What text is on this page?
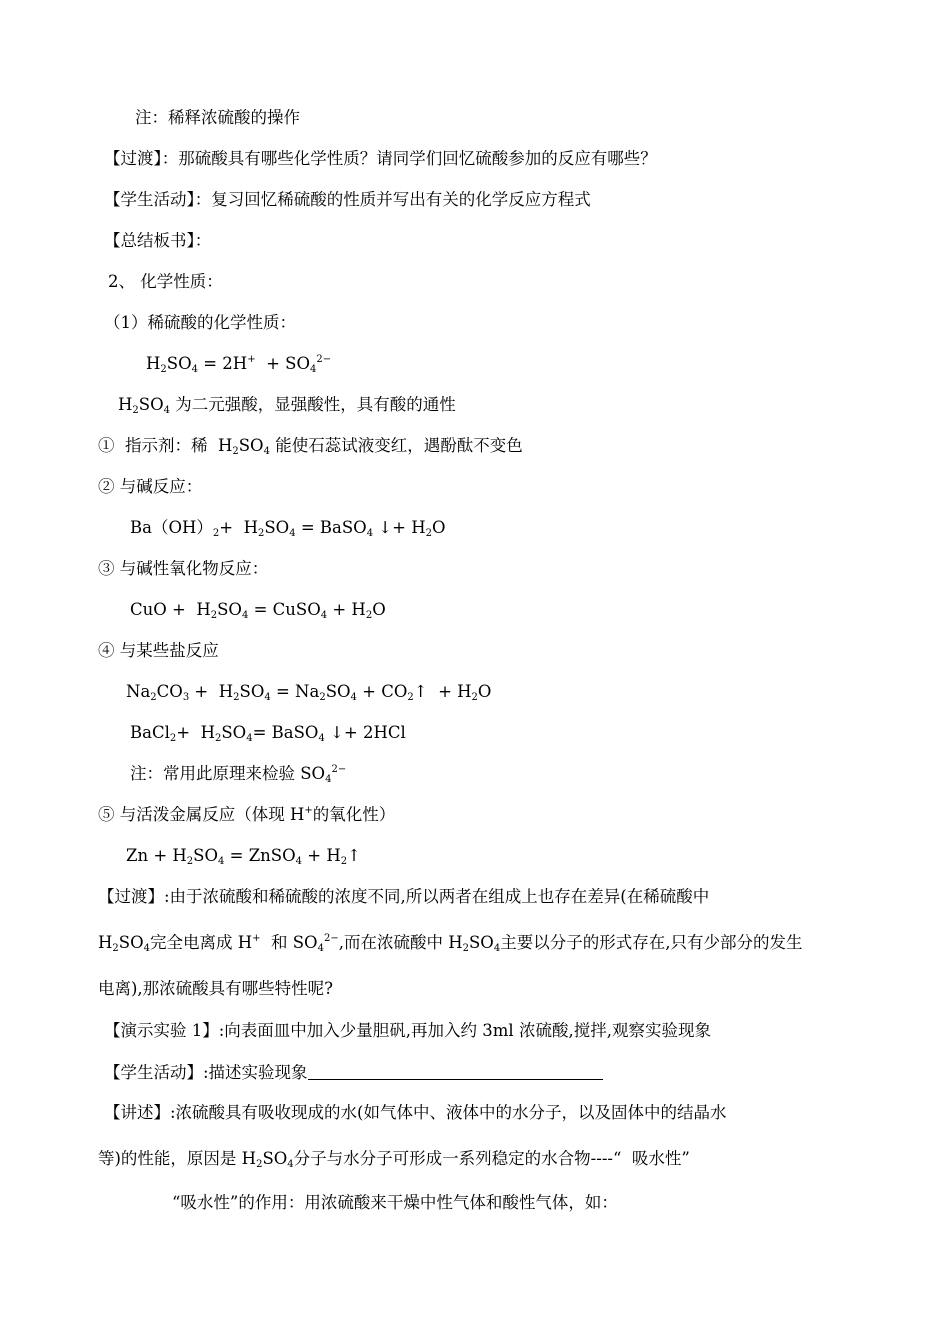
注：稀释浓硫酸的操作
【过渡】：那硫酸具有哪些化学性质？请同学们回忆硫酸参加的反应有哪些？
【学生活动】：复习回忆稀硫酸的性质并写出有关的化学反应方程式
【总结板书】：
2、 化学性质：
（1）稀硫酸的化学性质：
$H_2SO_4 = 2H^+ + SO_4^{2-}$
$H_2SO_4$ 为二元强酸，显强酸性，具有酸的通性
①  指示剂：稀  $H_2SO_4$ 能使石蕊试液变红，遇酚酞不变色
② 与碱反应：
$Ba(OH)_2+ H_2SO_4$ = BaSO$_4$ ↓+ $H_2O$
③ 与碱性氧化物反应：
CuO +  $H_2SO_4$ = CuSO$_4$ + $H_2O$
④ 与某些盐反应
$Na_2CO_3 + H_2SO_4 = Na_2SO_4$ + $CO_2↑ + H_2O$
BaCl$_2$+  $H_2SO_4=$ BaSO$_4$ ↓+ 2HCl
注：常用此原理来检验 $SO_4^{2-}$
⑤ 与活泼金属反应（体现 H+的氧化性）
$Zn + H_2SO_4$ = ZnSO$_4$ + $H_2↑$
【过渡】:由于浓硫酸和稀硫酸的浓度不同,所以两者在组成上也存在差异(在稀硫酸中
$H_2SO_4$完全电离成 H+  和 $SO_4^{2-}$,而在浓硫酸中 $H_2SO_4$主要以分子的形式存在,只有少部分的发生
电离),那浓硫酸具有哪些特性呢?
【演示实验 1】:向表面皿中加入少量胆矾,再加入约 3ml 浓硫酸,搅拌,观察实验现象
【学生活动】:描述实验现象
【讲述】:浓硫酸具有吸收现成的水(如气体中、液体中的水分子，以及固体中的结晶水
等)的性能，原因是 $H_2SO_4$分子与水分子可形成一系列稳定的水合物----“  吸水性”
“吸水性”的作用：用浓硫酸来干燥中性气体和酸性气体，如：
